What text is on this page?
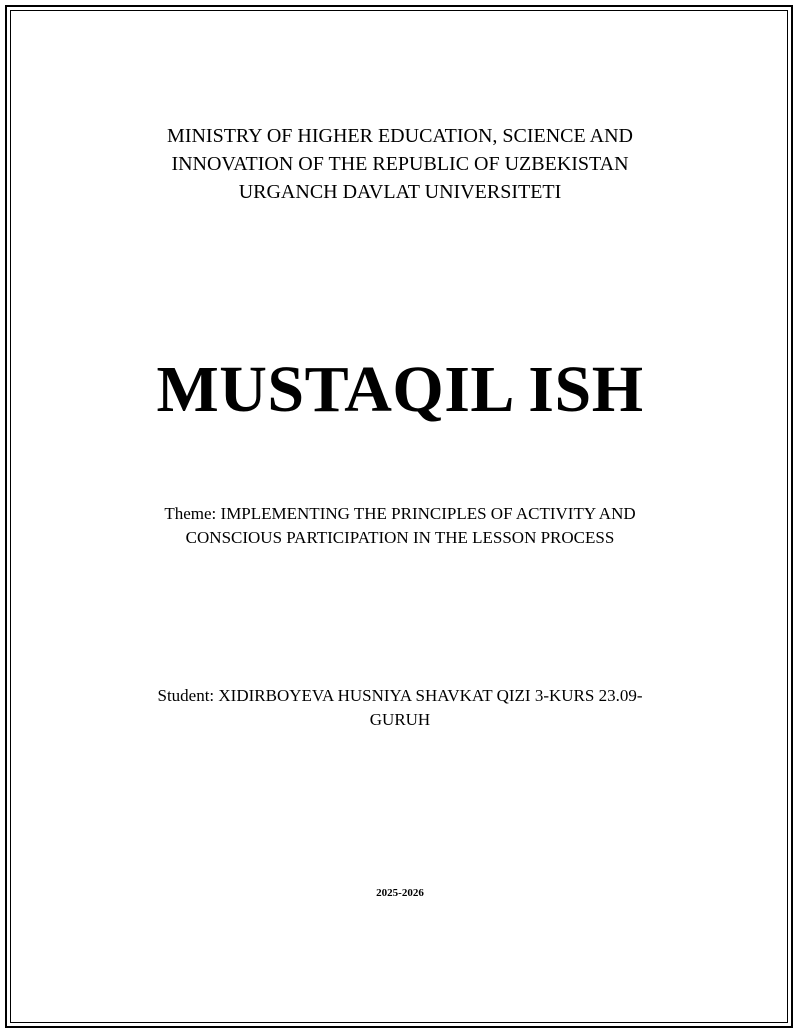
MINISTRY OF HIGHER EDUCATION, SCIENCE AND
INNOVATION OF THE REPUBLIC OF UZBEKISTAN
URGANCH DAVLAT UNIVERSITETI
MUSTAQIL ISH
Theme: IMPLEMENTING THE PRINCIPLES OF ACTIVITY AND
CONSCIOUS PARTICIPATION IN THE LESSON PROCESS
Student: XIDIRBOYEVA HUSNIYA SHAVKAT QIZI 3-KURS 23.09-
GURUH
2025-2026
